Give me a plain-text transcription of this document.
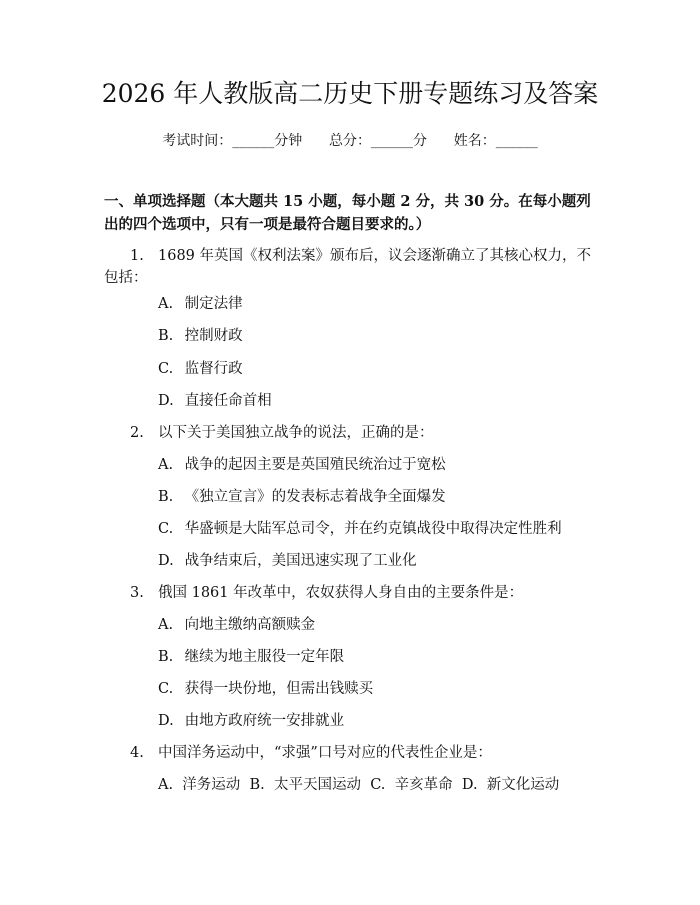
2026 年人教版高二历史下册专题练习及答案
考试时间：______分钟 总分：______分 姓名：______
一、单项选择题（本大题共 15 小题，每小题 2 分，共 30 分。在每小题列出的四个选项中，只有一项是最符合题目要求的。）
1. 1689 年英国《权利法案》颁布后，议会逐渐确立了其核心权力，不包括：
A. 制定法律
B. 控制财政
C. 监督行政
D. 直接任命首相
2. 以下关于美国独立战争的说法，正确的是：
A. 战争的起因主要是英国殖民统治过于宽松
B. 《独立宣言》的发表标志着战争全面爆发
C. 华盛顿是大陆军总司令，并在约克镇战役中取得决定性胜利
D. 战争结束后，美国迅速实现了工业化
3. 俄国 1861 年改革中，农奴获得人身自由的主要条件是：
A. 向地主缴纳高额赎金
B. 继续为地主服役一定年限
C. 获得一块份地，但需出钱赎买
D. 由地方政府统一安排就业
4. 中国洋务运动中，“求强”口号对应的代表性企业是：
A.  洋务运动  B.  太平天国运动  C.  辛亥革命  D.  新文化运动
